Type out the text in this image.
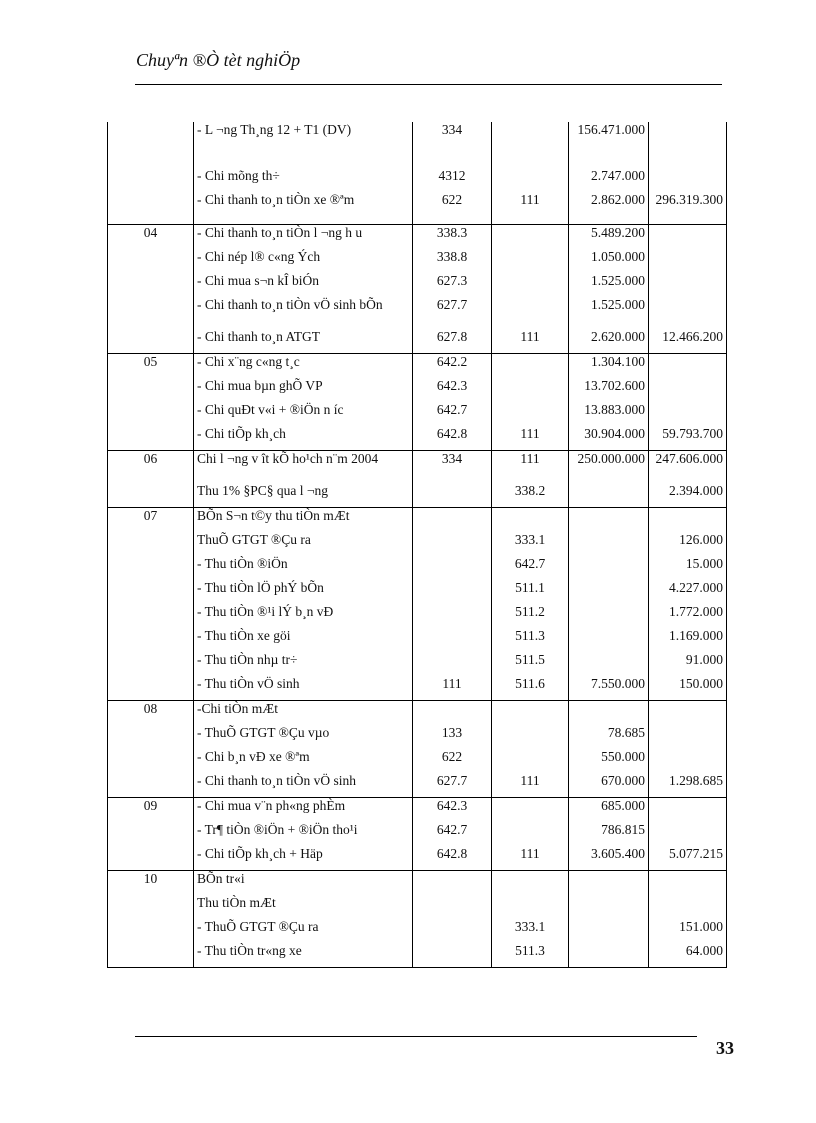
Chuyªn ®Ò tèt nghiÖp
	- L ¬ng Th¸ng 12 + T1 (DV)	334		156.471.000	
	- Chi mõng th÷	4312		2.747.000	
	- Chi thanh to¸n tiÒn xe ®ªm	622	111	2.862.000	296.319.300
04	- Chi thanh to¸n tiÒn l ¬ng h u	338.3		5.489.200	
	- Chi nép l® c«ng Ých	338.8		1.050.000	
	- Chi mua s¬n kÎ biÓn	627.3		1.525.000	
	- Chi thanh to¸n tiÒn vÖ sinh bÕn	627.7		1.525.000	
	- Chi thanh to¸n ATGT	627.8	111	2.620.000	12.466.200
05	- Chi x¨ng c«ng t¸c	642.2		1.304.100	
	- Chi mua bµn ghÕ VP	642.3		13.702.600	
	- Chi quÐt v«i + ®iÖn n íc	642.7		13.883.000	
	- Chi tiÕp kh¸ch	642.8	111	30.904.000	59.793.700
06	Chi l ¬ng v ît kÕ ho¹ch n¨m 2004	334	111	250.000.000	247.606.000
	Thu 1% §PC§ qua l ¬ng		338.2		2.394.000
07	BÕn S¬n t©y thu tiÒn mÆt				
	ThuÕ GTGT ®Çu ra		333.1		126.000
	- Thu tiÒn ®iÖn		642.7		15.000
	- Thu tiÒn lÖ phÝ bÕn		511.1		4.227.000
	- Thu tiÒn ®¹i lÝ b¸n vÐ		511.2		1.772.000
	- Thu tiÒn xe göi		511.3		1.169.000
	- Thu tiÒn nhµ tr÷		511.5		91.000
	- Thu tiÒn vÖ sinh	111	511.6	7.550.000	150.000
08	-Chi tiÒn mÆt				
	- ThuÕ GTGT ®Çu vµo	133		78.685	
	- Chi b¸n vÐ xe ®ªm	622		550.000	
	- Chi thanh to¸n tiÒn vÖ sinh	627.7	111	670.000	1.298.685
09	- Chi mua v¨n ph«ng phÈm	642.3		685.000	
	- Tr¶ tiÒn ®iÖn + ®iÖn tho¹i	642.7		786.815	
	- Chi tiÕp kh¸ch + Häp	642.8	111	3.605.400	5.077.215
10	BÕn tr«i				
	Thu tiÒn mÆt				
	- ThuÕ GTGT ®Çu ra		333.1		151.000
	- Thu tiÒn tr«ng xe		511.3		64.000
33
